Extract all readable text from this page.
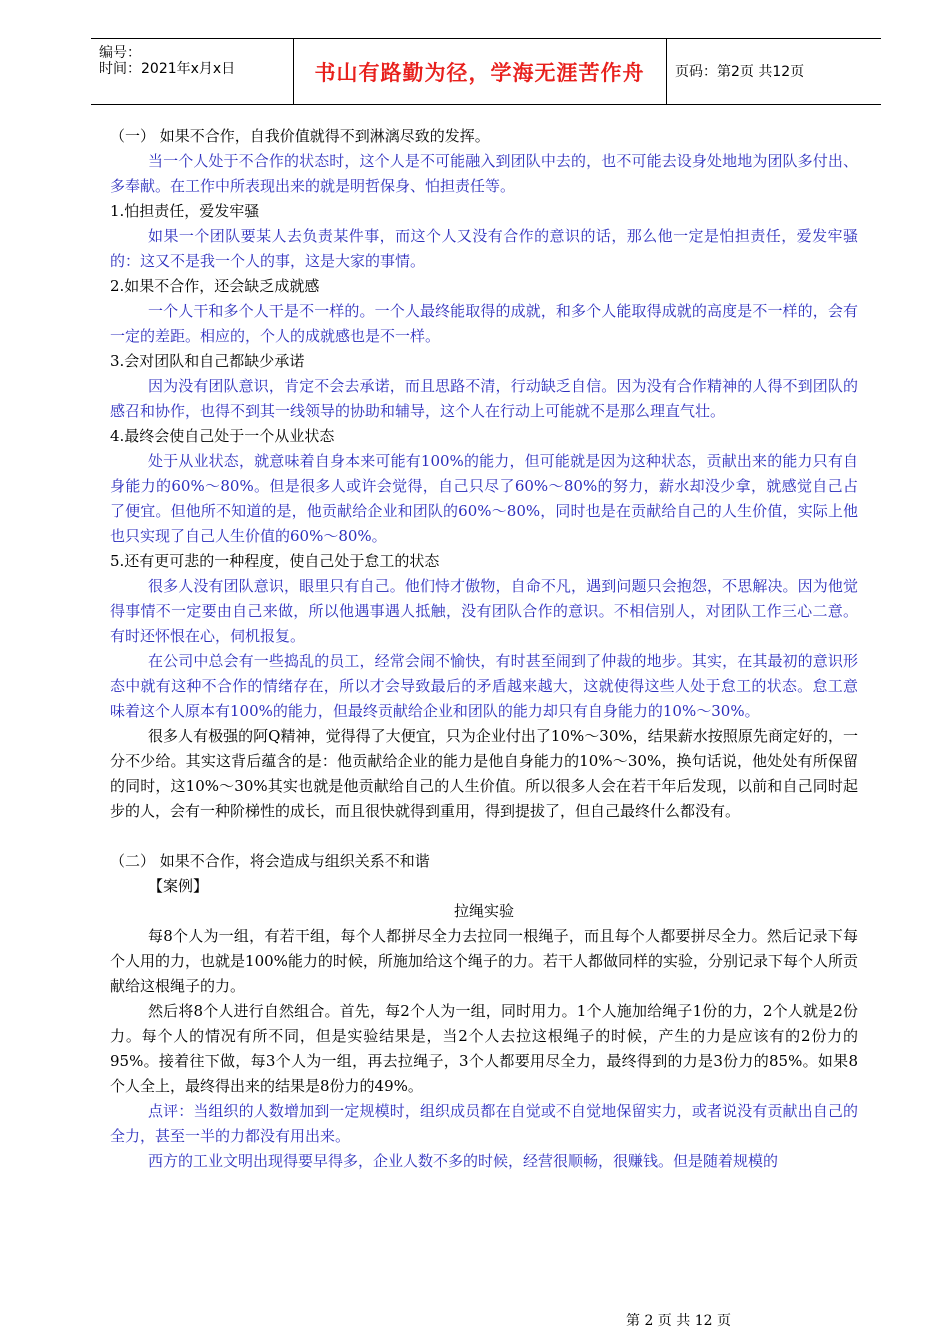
编号：
时间：2021年x月x日	书山有路勤为径，学海无涯苦作舟 页码：第2页 共12页

（一） 如果不合作，自我价值就得不到淋漓尽致的发挥。

当一个人处于不合作的状态时，这个人是不可能融入到团队中去的，也不可能去设身处地地为团队多付出、多奉献。在工作中所表现出来的就是明哲保身、怕担责任等。

1.怕担责任，爱发牢骚

如果一个团队要某人去负责某件事，而这个人又没有合作的意识的话，那么他一定是怕担责任，爱发牢骚的：这又不是我一个人的事，这是大家的事情。

2.如果不合作，还会缺乏成就感

一个人干和多个人干是不一样的。一个人最终能取得的成就，和多个人能取得成就的高度是不一样的，会有一定的差距。相应的，个人的成就感也是不一样。

3.会对团队和自己都缺少承诺

因为没有团队意识，肯定不会去承诺，而且思路不清，行动缺乏自信。因为没有合作精神的人得不到团队的感召和协作，也得不到其一线领导的协助和辅导，这个人在行动上可能就不是那么理直气壮。

4.最终会使自己处于一个从业状态

处于从业状态，就意味着自身本来可能有100%的能力，但可能就是因为这种状态，贡献出来的能力只有自身能力的60%～80%。但是很多人或许会觉得，自己只尽了60%～80%的努力，薪水却没少拿，就感觉自己占了便宜。但他所不知道的是，他贡献给企业和团队的60%～80%，同时也是在贡献给自己的人生价值，实际上他也只实现了自己人生价值的60%～80%。

5.还有更可悲的一种程度，使自己处于怠工的状态

很多人没有团队意识，眼里只有自己。他们恃才傲物，自命不凡，遇到问题只会抱怨，不思解决。因为他觉得事情不一定要由自己来做，所以他遇事遇人抵触，没有团队合作的意识。不相信别人，对团队工作三心二意。有时还怀恨在心，伺机报复。

在公司中总会有一些捣乱的员工，经常会闹不愉快，有时甚至闹到了仲裁的地步。其实，在其最初的意识形态中就有这种不合作的情绪存在，所以才会导致最后的矛盾越来越大，这就使得这些人处于怠工的状态。怠工意味着这个人原本有100%的能力，但最终贡献给企业和团队的能力却只有自身能力的10%～30%。

很多人有极强的阿Q精神，觉得得了大便宜，只为企业付出了10%～30%，结果薪水按照原先商定好的，一分不少给。其实这背后蕴含的是：他贡献给企业的能力是他自身能力的10%～30%，换句话说，他处处有所保留的同时，这10%～30%其实也就是他贡献给自己的人生价值。所以很多人会在若干年后发现，以前和自己同时起步的人，会有一种阶梯性的成长，而且很快就得到重用，得到提拔了，但自己最终什么都没有。

（二） 如果不合作，将会造成与组织关系不和谐

【案例】

拉绳实验

每8个人为一组，有若干组，每个人都拼尽全力去拉同一根绳子，而且每个人都要拼尽全力。然后记录下每个人用的力，也就是100%能力的时候，所施加给这个绳子的力。若干人都做同样的实验，分别记录下每个人所贡献给这根绳子的力。

然后将8个人进行自然组合。首先，每2个人为一组，同时用力。1个人施加给绳子1份的力，2个人就是2份力。每个人的情况有所不同，但是实验结果是，当2个人去拉这根绳子的时候，产生的力是应该有的2份力的95%。接着往下做，每3个人为一组，再去拉绳子，3个人都要用尽全力，最终得到的力是3份力的85%。如果8个人全上，最终得出来的结果是8份力的49%。

点评：当组织的人数增加到一定规模时，组织成员都在自觉或不自觉地保留实力，或者说没有贡献出自己的全力，甚至一半的力都没有用出来。

西方的工业文明出现得要早得多，企业人数不多的时候，经营很顺畅，很赚钱。但是随着规模的

第 2 页 共 12 页
